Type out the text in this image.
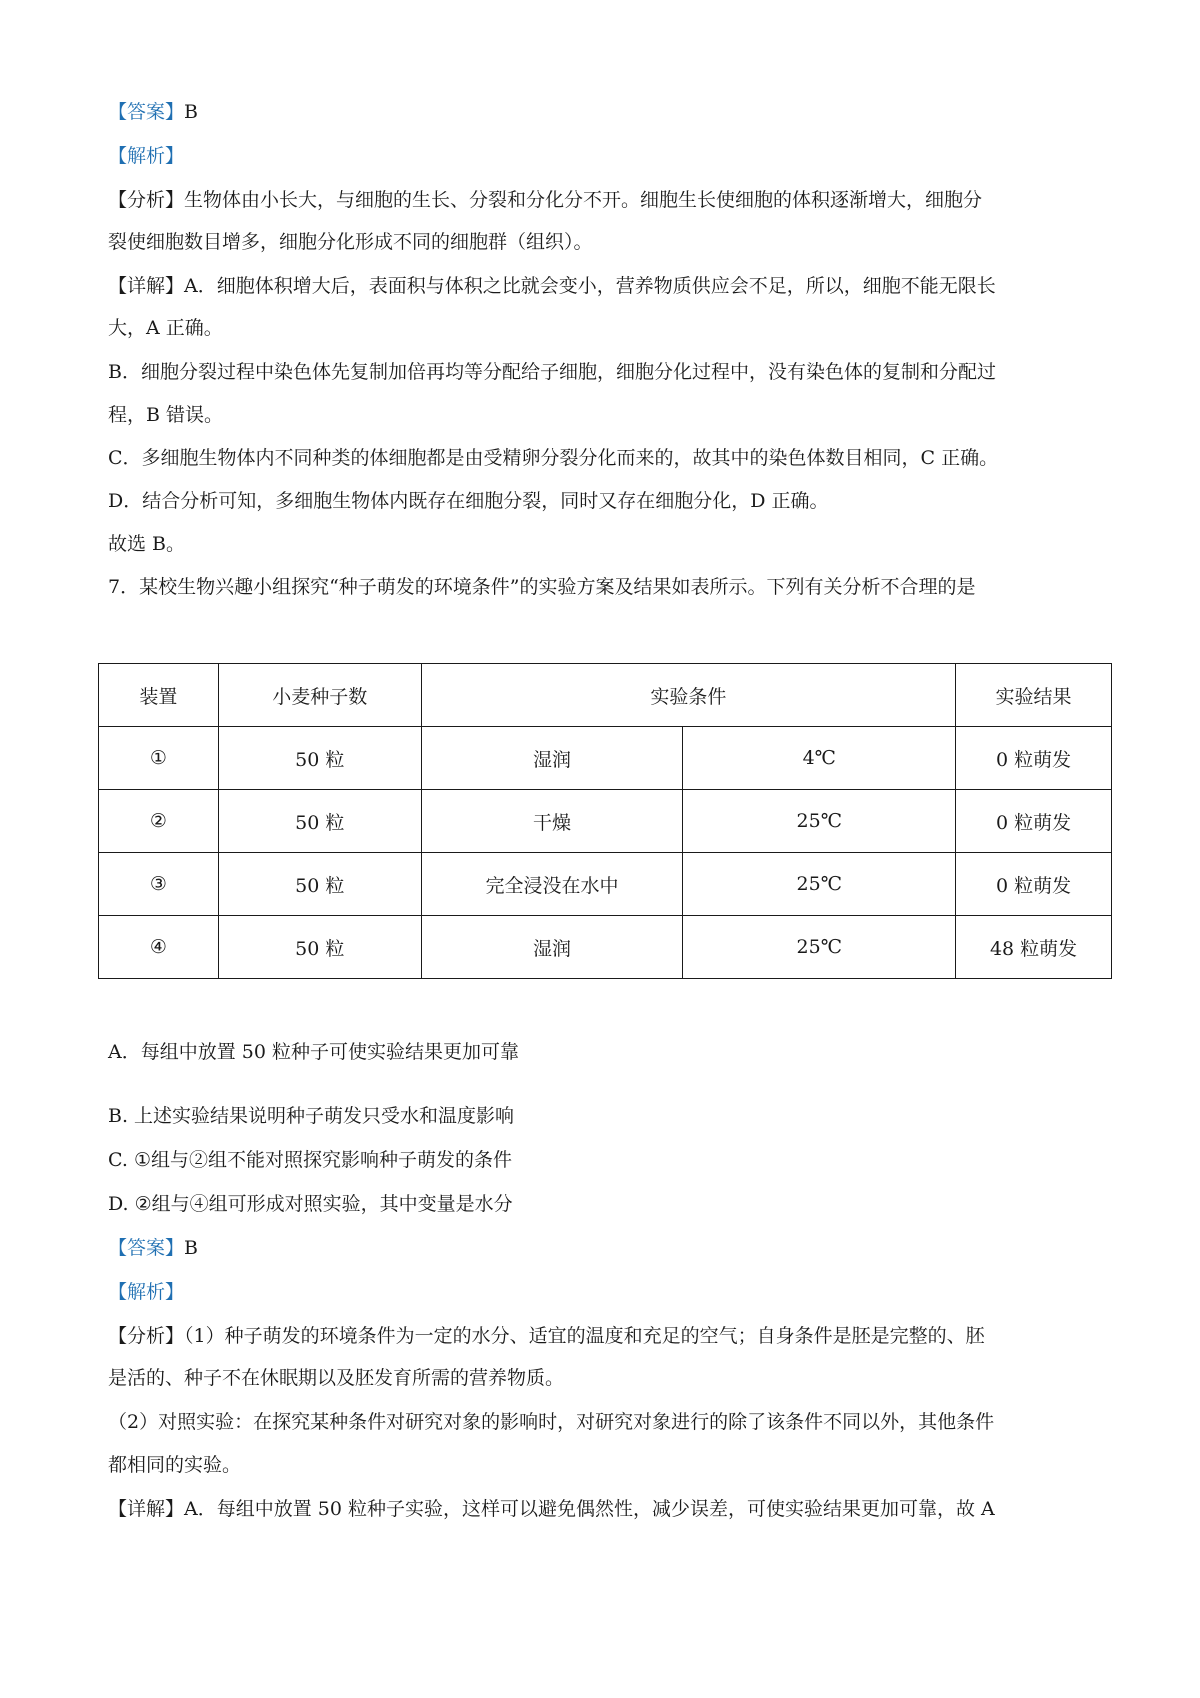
【答案】B

【解析】

【分析】生物体由小长大，与细胞的生长、分裂和分化分不开。细胞生长使细胞的体积逐渐增大，细胞分

裂使细胞数目增多，细胞分化形成不同的细胞群（组织）。

【详解】A．细胞体积增大后，表面积与体积之比就会变小，营养物质供应会不足，所以，细胞不能无限长

大，A 正确。

B．细胞分裂过程中染色体先复制加倍再均等分配给子细胞，细胞分化过程中，没有染色体的复制和分配过

程，B 错误。

C．多细胞生物体内不同种类的体细胞都是由受精卵分裂分化而来的，故其中的染色体数目相同，C 正确。

D．结合分析可知，多细胞生物体内既存在细胞分裂，同时又存在细胞分化，D 正确。

故选 B。

7．某校生物兴趣小组探究“种子萌发的环境条件”的实验方案及结果如表所示。下列有关分析不合理的是

装置	小麦种子数	实验条件		实验结果
①	50 粒	湿润	4℃	0 粒萌发
②	50 粒	干燥	25℃	0 粒萌发
③	50 粒	完全浸没在水中	25℃	0 粒萌发
④	50 粒	湿润	25℃	48 粒萌发

A．每组中放置 50 粒种子可使实验结果更加可靠

B. 上述实验结果说明种子萌发只受水和温度影响

C. ①组与②组不能对照探究影响种子萌发的条件

D. ②组与④组可形成对照实验，其中变量是水分

【答案】B

【解析】

【分析】（1）种子萌发的环境条件为一定的水分、适宜的温度和充足的空气；自身条件是胚是完整的、胚

是活的、种子不在休眠期以及胚发育所需的营养物质。

（2）对照实验：在探究某种条件对研究对象的影响时，对研究对象进行的除了该条件不同以外，其他条件

都相同的实验。

【详解】A．每组中放置 50 粒种子实验，这样可以避免偶然性，减少误差，可使实验结果更加可靠，故 A
